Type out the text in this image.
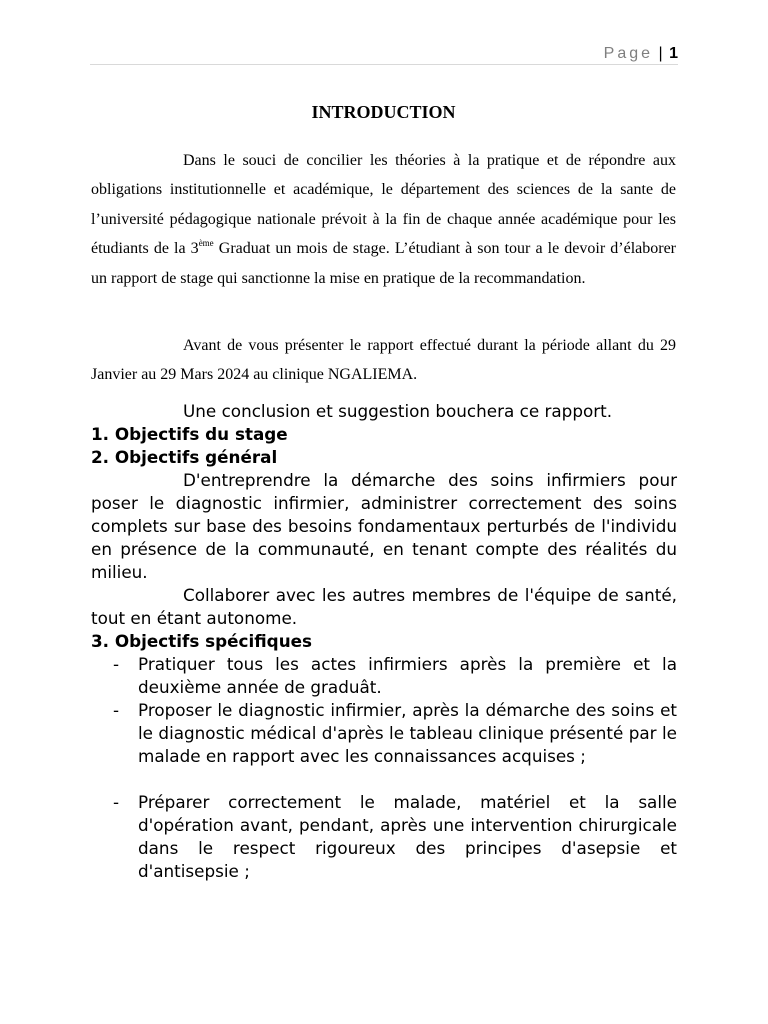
Page | 1
INTRODUCTION

Dans le souci de concilier les théories à la pratique et de répondre aux obligations institutionnelle et académique, le département des sciences de la sante de l’université pédagogique nationale prévoit à la fin de chaque année académique pour les étudiants de la 3ème Graduat un mois de stage. L’étudiant à son tour a le devoir d’élaborer un rapport de stage qui sanctionne la mise en pratique de la recommandation.

Avant de vous présenter le rapport effectué durant la période allant du 29 Janvier au 29 Mars 2024 au clinique NGALIEMA.

Une conclusion et suggestion bouchera ce rapport.

1. Objectifs du stage

2. Objectifs général

D'entreprendre la démarche des soins infirmiers pour poser le diagnostic infirmier, administrer correctement des soins complets sur base des besoins fondamentaux perturbés de l'individu en présence de la communauté, en tenant compte des réalités du milieu.

Collaborer avec les autres membres de l'équipe de santé, tout en étant autonome.

3. Objectifs spécifiques

- Pratiquer tous les actes infirmiers après la première et la deuxième année de graduât.
- Proposer le diagnostic infirmier, après la démarche des soins et le diagnostic médical d'après le tableau clinique présenté par le malade en rapport avec les connaissances acquises ;
- Préparer correctement le malade, matériel et la salle d'opération avant, pendant, après une intervention chirurgicale dans le respect rigoureux des principes d'asepsie et d'antisepsie ;
